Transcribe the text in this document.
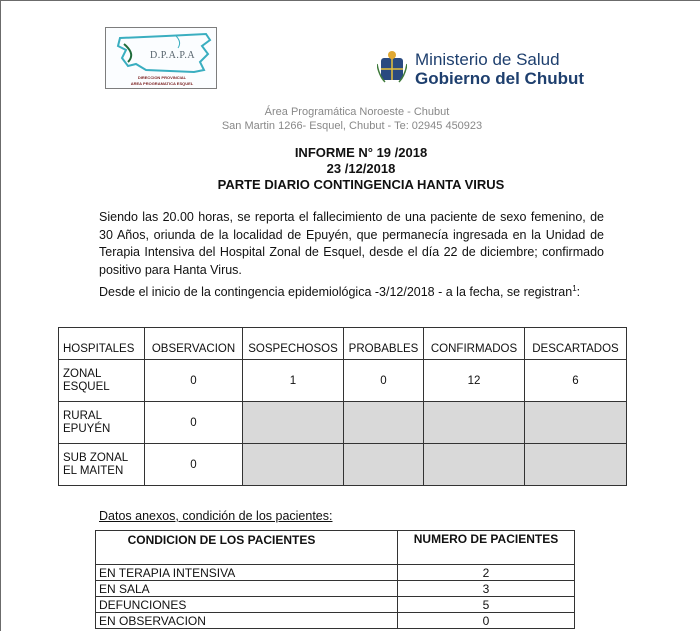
D.P.A.P.A
DIRECCION PROVINCIAL
AREA PROGRAMATICA ESQUEL
Ministerio de Salud
Gobierno del Chubut
Área Programática Noroeste - Chubut
San Martin 1266- Esquel, Chubut - Te: 02945 450923
INFORME N° 19 /2018
23 /12/2018
PARTE DIARIO CONTINGENCIA HANTA VIRUS

Siendo las 20.00 horas, se reporta el fallecimiento de una paciente de sexo femenino, de 30 Años, oriunda de la localidad de Epuyén, que permanecía ingresada en la Unidad de Terapia Intensiva del Hospital Zonal de Esquel, desde el día 22 de diciembre; confirmado positivo para Hanta Virus.

Desde el inicio de la contingencia epidemiológica -3/12/2018 - a la fecha, se registran$^1$:

HOSPITALES	OBSERVACION	SOSPECHOSOS	PROBABLES	CONFIRMADOS	DESCARTADOS
ZONAL
ESQUEL	0	1	0	12	6
RURAL
EPUYÉN	0				
SUB ZONAL
EL MAITEN	0				
Datos anexos, condición de los pacientes:
CONDICION DE LOS PACIENTES	NUMERO DE PACIENTES
EN TERAPIA INTENSIVA	2
EN SALA	3
DEFUNCIONES	5
EN OBSERVACION	0
